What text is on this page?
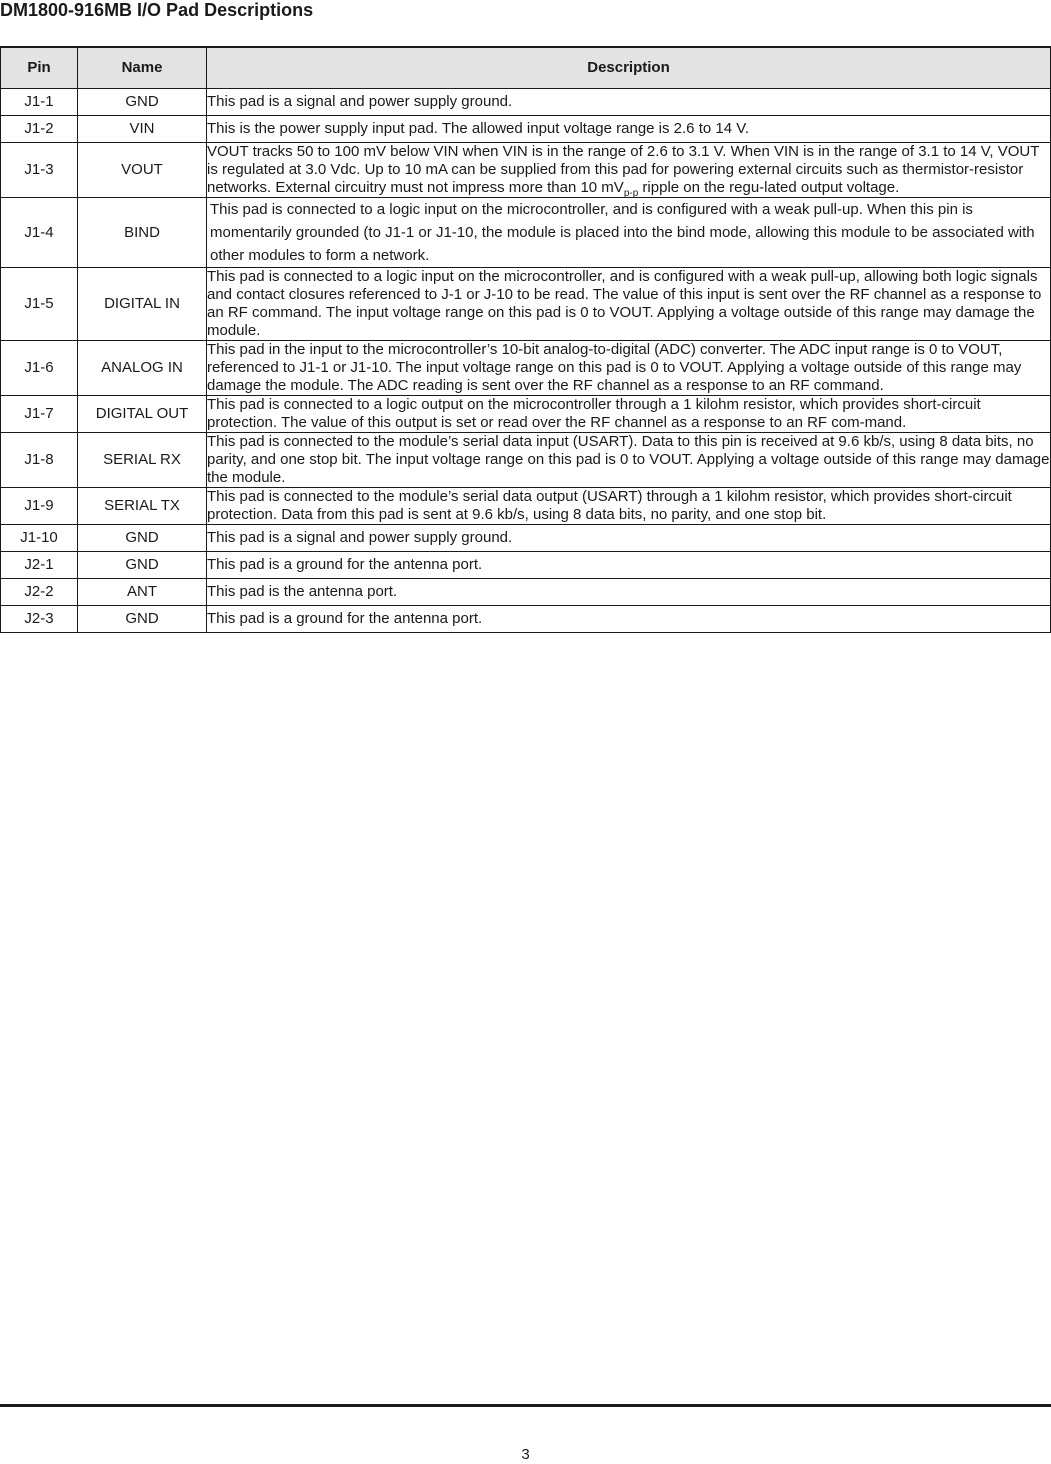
DM1800-916MB I/O Pad Descriptions
Pin	Name	Description
J1-1	GND	This pad is a signal and power supply ground.
J1-2	VIN	This is the power supply input pad. The allowed input voltage range is 2.6 to 14 V.
J1-3	VOUT	VOUT tracks 50 to 100 mV below VIN when VIN is in the range of 2.6 to 3.1 V. When VIN is in the range of 3.1 to 14 V, VOUT is regulated at 3.0 Vdc. Up to 10 mA can be supplied from this pad for powering external circuits such as thermistor-resistor networks. External circuitry must not impress more than 10 $mV_{p-p}$ ripple on the regu-lated output voltage.
J1-4	BIND	This pad is connected to a logic input on the microcontroller, and is configured with a weak pull-up. When this pin is momentarily grounded (to J1-1 or J1-10, the module is placed into the bind mode, allowing this module to be associated with other modules to form a network.
J1-5	DIGITAL IN	This pad is connected to a logic input on the microcontroller, and is configured with a weak pull-up, allowing both logic signals and contact closures referenced to J-1 or J-10 to be read. The value of this input is sent over the RF channel as a response to an RF command. The input voltage range on this pad is 0 to VOUT. Applying a voltage outside of this range may damage the module.
J1-6	ANALOG IN	This pad in the input to the microcontroller’s 10-bit analog-to-digital (ADC) converter. The ADC input range is 0 to VOUT, referenced to J1-1 or J1-10. The input voltage range on this pad is 0 to VOUT. Applying a voltage outside of this range may damage the module. The ADC reading is sent over the RF channel as a response to an RF command.
J1-7	DIGITAL OUT	This pad is connected to a logic output on the microcontroller through a 1 kilohm resistor, which provides short-circuit protection. The value of this output is set or read over the RF channel as a response to an RF com-mand.
J1-8	SERIAL RX	This pad is connected to the module’s serial data input (USART). Data to this pin is received at 9.6 kb/s, using 8 data bits, no parity, and one stop bit. The input voltage range on this pad is 0 to VOUT. Applying a voltage outside of this range may damage the module.
J1-9	SERIAL TX	This pad is connected to the module’s serial data output (USART) through a 1 kilohm resistor, which provides short-circuit protection. Data from this pad is sent at 9.6 kb/s, using 8 data bits, no parity, and one stop bit.
J1-10	GND	This pad is a signal and power supply ground.
J2-1	GND	This pad is a ground for the antenna port.
J2-2	ANT	This pad is the antenna port.
J2-3	GND	This pad is a ground for the antenna port.
3
